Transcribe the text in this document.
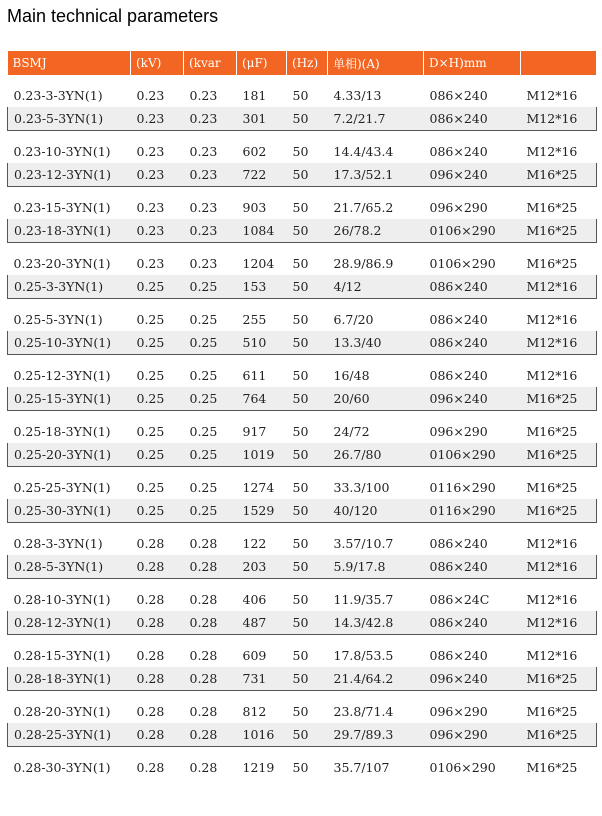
Main technical parameters
BSMJ	(kV)	(kvar	(μF)	(Hz)	单相)(A)	D×H)mm	
0.23-3-3YN(1)	0.23	0.23	181	50	4.33/13	086×240	M12*16
0.23-5-3YN(1)	0.23	0.23	301	50	7.2/21.7	086×240	M12*16
0.23-10-3YN(1)	0.23	0.23	602	50	14.4/43.4	086×240	M12*16
0.23-12-3YN(1)	0.23	0.23	722	50	17.3/52.1	096×240	M16*25
0.23-15-3YN(1)	0.23	0.23	903	50	21.7/65.2	096×290	M16*25
0.23-18-3YN(1)	0.23	0.23	1084	50	26/78.2	0106×290	M16*25
0.23-20-3YN(1)	0.23	0.23	1204	50	28.9/86.9	0106×290	M16*25
0.25-3-3YN(1)	0.25	0.25	153	50	4/12	086×240	M12*16
0.25-5-3YN(1)	0.25	0.25	255	50	6.7/20	086×240	M12*16
0.25-10-3YN(1)	0.25	0.25	510	50	13.3/40	086×240	M12*16
0.25-12-3YN(1)	0.25	0.25	611	50	16/48	086×240	M12*16
0.25-15-3YN(1)	0.25	0.25	764	50	20/60	096×240	M16*25
0.25-18-3YN(1)	0.25	0.25	917	50	24/72	096×290	M16*25
0.25-20-3YN(1)	0.25	0.25	1019	50	26.7/80	0106×290	M16*25
0.25-25-3YN(1)	0.25	0.25	1274	50	33.3/100	0116×290	M16*25
0.25-30-3YN(1)	0.25	0.25	1529	50	40/120	0116×290	M16*25
0.28-3-3YN(1)	0.28	0.28	122	50	3.57/10.7	086×240	M12*16
0.28-5-3YN(1)	0.28	0.28	203	50	5.9/17.8	086×240	M12*16
0.28-10-3YN(1)	0.28	0.28	406	50	11.9/35.7	086×24C	M12*16
0.28-12-3YN(1)	0.28	0.28	487	50	14.3/42.8	086×240	M12*16
0.28-15-3YN(1)	0.28	0.28	609	50	17.8/53.5	086×240	M12*16
0.28-18-3YN(1)	0.28	0.28	731	50	21.4/64.2	096×240	M16*25
0.28-20-3YN(1)	0.28	0.28	812	50	23.8/71.4	096×290	M16*25
0.28-25-3YN(1)	0.28	0.28	1016	50	29.7/89.3	096×290	M16*25
0.28-30-3YN(1)	0.28	0.28	1219	50	35.7/107	0106×290	M16*25
